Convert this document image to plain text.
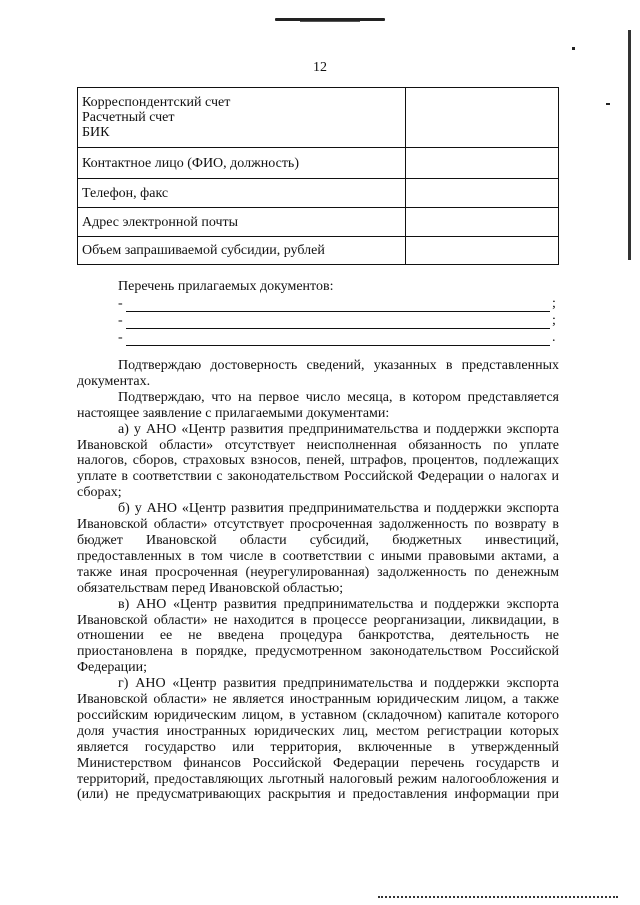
12
Корреспондентский счет
Расчетный счет
БИК	
Контактное лицо (ФИО, должность)	
Телефон, факс	
Адрес электронной почты	
Объем запрашиваемой субсидии, рублей	
Перечень прилагаемых документов:
-	;
-	;
-	.

Подтверждаю достоверность сведений, указанных в представленных документах.

Подтверждаю, что на первое число месяца, в котором представляется настоящее заявление с прилагаемыми документами:

а) у АНО «Центр развития предпринимательства и поддержки экспорта Ивановской области» отсутствует неисполненная обязанность по уплате налогов, сборов, страховых взносов, пеней, штрафов, процентов, подлежащих уплате в соответствии с законодательством Российской Федерации о налогах и сборах;

б) у АНО «Центр развития предпринимательства и поддержки экспорта Ивановской области» отсутствует просроченная задолженность по возврату в бюджет Ивановской области субсидий, бюджетных инвестиций, предоставленных в том числе в соответствии с иными правовыми актами, а также иная просроченная (неурегулированная) задолженность по денежным обязательствам перед Ивановской областью;

в) АНО «Центр развития предпринимательства и поддержки экспорта Ивановской области» не находится в процессе реорганизации, ликвидации, в отношении ее не введена процедура банкротства, деятельность не приостановлена в порядке, предусмотренном законодательством Российской Федерации;

г) АНО «Центр развития предпринимательства и поддержки экспорта Ивановской области» не является иностранным юридическим лицом, а также российским юридическим лицом, в уставном (складочном) капитале которого доля участия иностранных юридических лиц, местом регистрации которых является государство или территория, включенные в утвержденный Министерством финансов Российской Федерации перечень государств и территорий, предоставляющих льготный налоговый режим налогообложения и (или) не предусматривающих раскрытия и предоставления информации при
